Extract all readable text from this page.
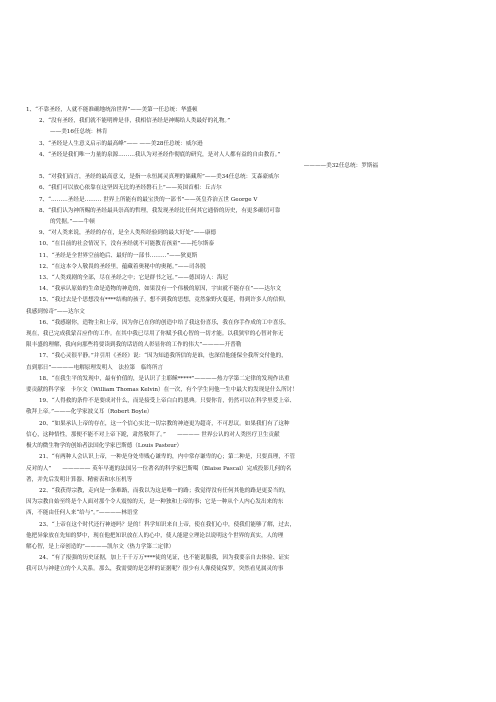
1、“不靠圣经，人就不能准确地统治世界”——美第一任总统：华盛顿
2、“没有圣经，我们就不能明辨是非，我相信圣经是神赐给人类最好的礼物。”
——美16任总统：林肯
3、“圣经是人生意义启示的最高峰”—— ——美28任总统：威尔逊
4、“圣经是我们唯一力量的泉源………我认为对圣经作彻底的研究，是对人人都有益的自由教育。”
————美32任总统：罗斯福
5、“对我们而言，圣经的最高意义，是指一永恒属灵真理的储藏所”——美34任总统：艾森豪威尔
6、“我们可以放心依靠在这坚固无比的圣经磐石上”——英国首相：丘吉尔
7、“………圣经是……… 世界上所能有的最宝贵的一部书”——英皇乔治五世 George V
8、“我们认为神所赐的圣经最具崇高的哲理，我发现圣经比任何其它通俗的历史，有更多确切可靠
的凭据。”——牛顿
9、“对人类来说，圣经的存在，是全人类所经验到的最大好处”——康德
10、“在目前的社会情况下，没有圣经就不可能教育孩童”——托尔斯泰
11、“圣经是全世界空前绝后、最好的一部书………”——狄更斯
12、“在这本令人敬畏的圣经里，蕴藏着奥秘中的奥秘。”——司各脱
13、“人类戏剧的全部，尽在圣经之中；它是群书之冠。”——德国诗人：海尼
14、“我承认原始的生命是造物的神造的，如果没有一个伟极的原因，宇宙就不能存在”——达尔文
15、“我过去是个思想没有****结构的孩子，想不到我的思想，竟然象野火蔓延，得到许多人的信仰，
我感到惊奇”——达尔文
16、“我感谢你，造物主和上帝，因为你已在你的创造中给了我这份喜乐，我在你手作成的工中喜乐。
现在，我已完成我蒙召应作的工作。在其中我已尽用了你赋予我心智的一切才能。以我狭窄的心智对你无
限丰盛的理解，我向向那些将要读到我的话语的人彰显你的工作的伟大”————开普勒
17、“我心灵很平静。”并引用《圣经》说：“因为知道我所信的是谁，也深信他能保全我所交付他的，
直到那日”————电解原理发明人　法拉第　临终所言
18、“在我生平的发现中，最有价值的，是认识了主耶稣*****”————热力学第二定律的发现作出重
要贡献的科学家　卡尔文（William Thomas Kelvin）在一次，有个学生问他一生中最大的发现是什么所讨！
19、“人得救的条件不是要成对什么，而是接受上帝白白的恩典。只要你肯，仍然可以在科学里爱上帝、
敬拜上帝。”———化学家波义耳（Robert Boyle）
20、“如果承认上帝的存在，这一个信心实比一切宗教的神迹更为超奇，不可思议。如果我们有了这种
信心，这种悟性，那便不能不对上帝下跪，肃然敬拜了。”　　———— 世界公认的对人类医疗卫生贡献
极大的微生物学的创始者法国化学家巴斯德（Louis Pasteur）
21、“有两种人会认识上帝，一种是身处卑贱心谦卑的，内中常存谦卑的心；第二种是，只要真理，不管
反对的人”　　————— 英年早逝的法国另一位著名的科学家巴斯噶（Blaise Pascal）完成投影几何的名
著，并先后发明计算器、精密表和水压机等
22、“我获得宗教，走向是一条难路，而我以为这是唯一的路；我觉得没有任何其他的路是更妥当的，
因为宗教自始至终是个人面对那个令人震惊的天，是一种独和上帝的事；它是一种从个人内心发出来的东
西，不能由任何人来“给与”。”————林语堂
23、“上帝在这个时代还行神迹吗？是的！科学知识来自上帝，使在我们心中，使我们能够了解，过去，
他把异象放在先知的梦中，现在他把知识放在人的心中，使人能建立理论以说明这个世界的真实，人的理
解心智，是上帝创造的”————凯尔文（热力学第二定律）
24、“有了报强的历史证据，加上千千万万****徒的见证，也不能说服我，因为我要亲自去体验、证实
我可以与神建立的个人关系。那么，我需要的是怎样的证据呢？很少有人像使徒保罗，突然看见属灵的事
